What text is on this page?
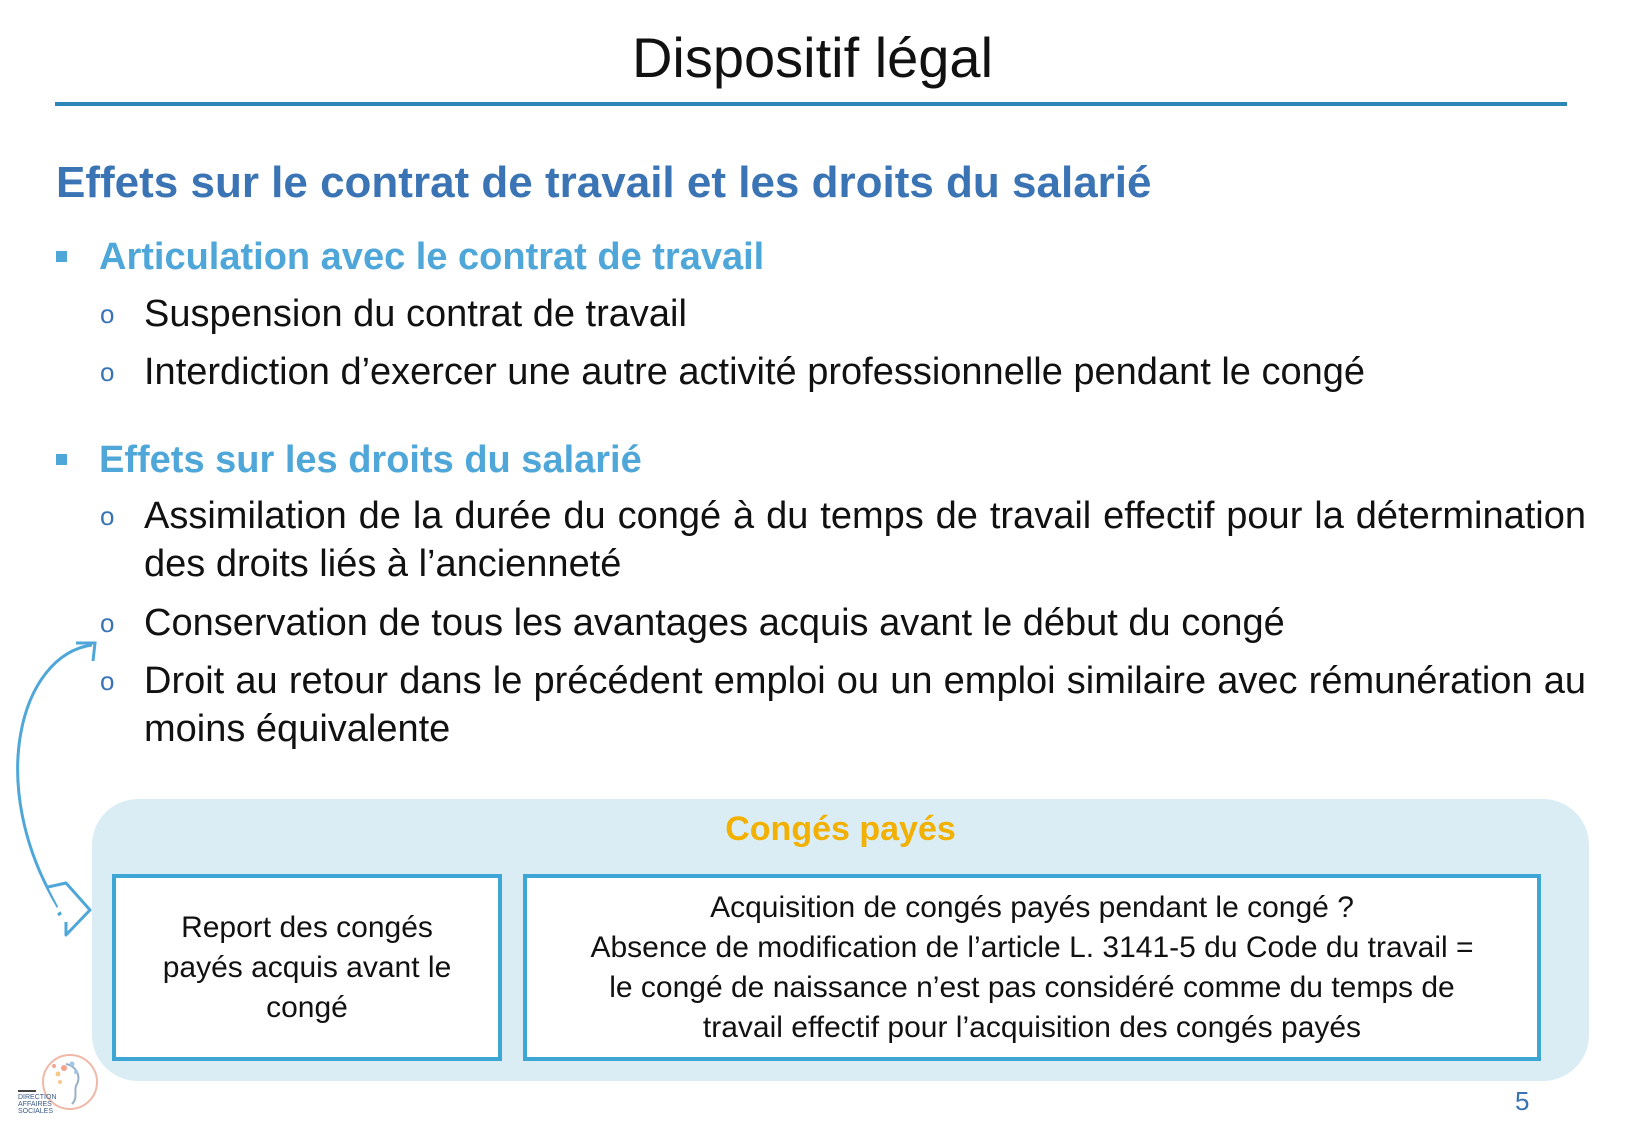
Dispositif légal
Effets sur le contrat de travail et les droits du salarié
Articulation avec le contrat de travail
o Suspension du contrat de travail
o Interdiction d’exercer une autre activité professionnelle pendant le congé
Effets sur les droits du salarié
o Assimilation de la durée du congé à du temps de travail effectif pour la détermination des droits liés à l’ancienneté
o Conservation de tous les avantages acquis avant le début du congé
o Droit au retour dans le précédent emploi ou un emploi similaire avec rémunération au moins équivalente
Congés payés
Report des congés payés acquis avant le congé
Acquisition de congés payés pendant le congé ?
Absence de modification de l’article L. 3141-5 du Code du travail =
le congé de naissance n’est pas considéré comme du temps de
travail effectif pour l’acquisition des congés payés
DIRECTION
AFFAIRES
SOCIALES	5
